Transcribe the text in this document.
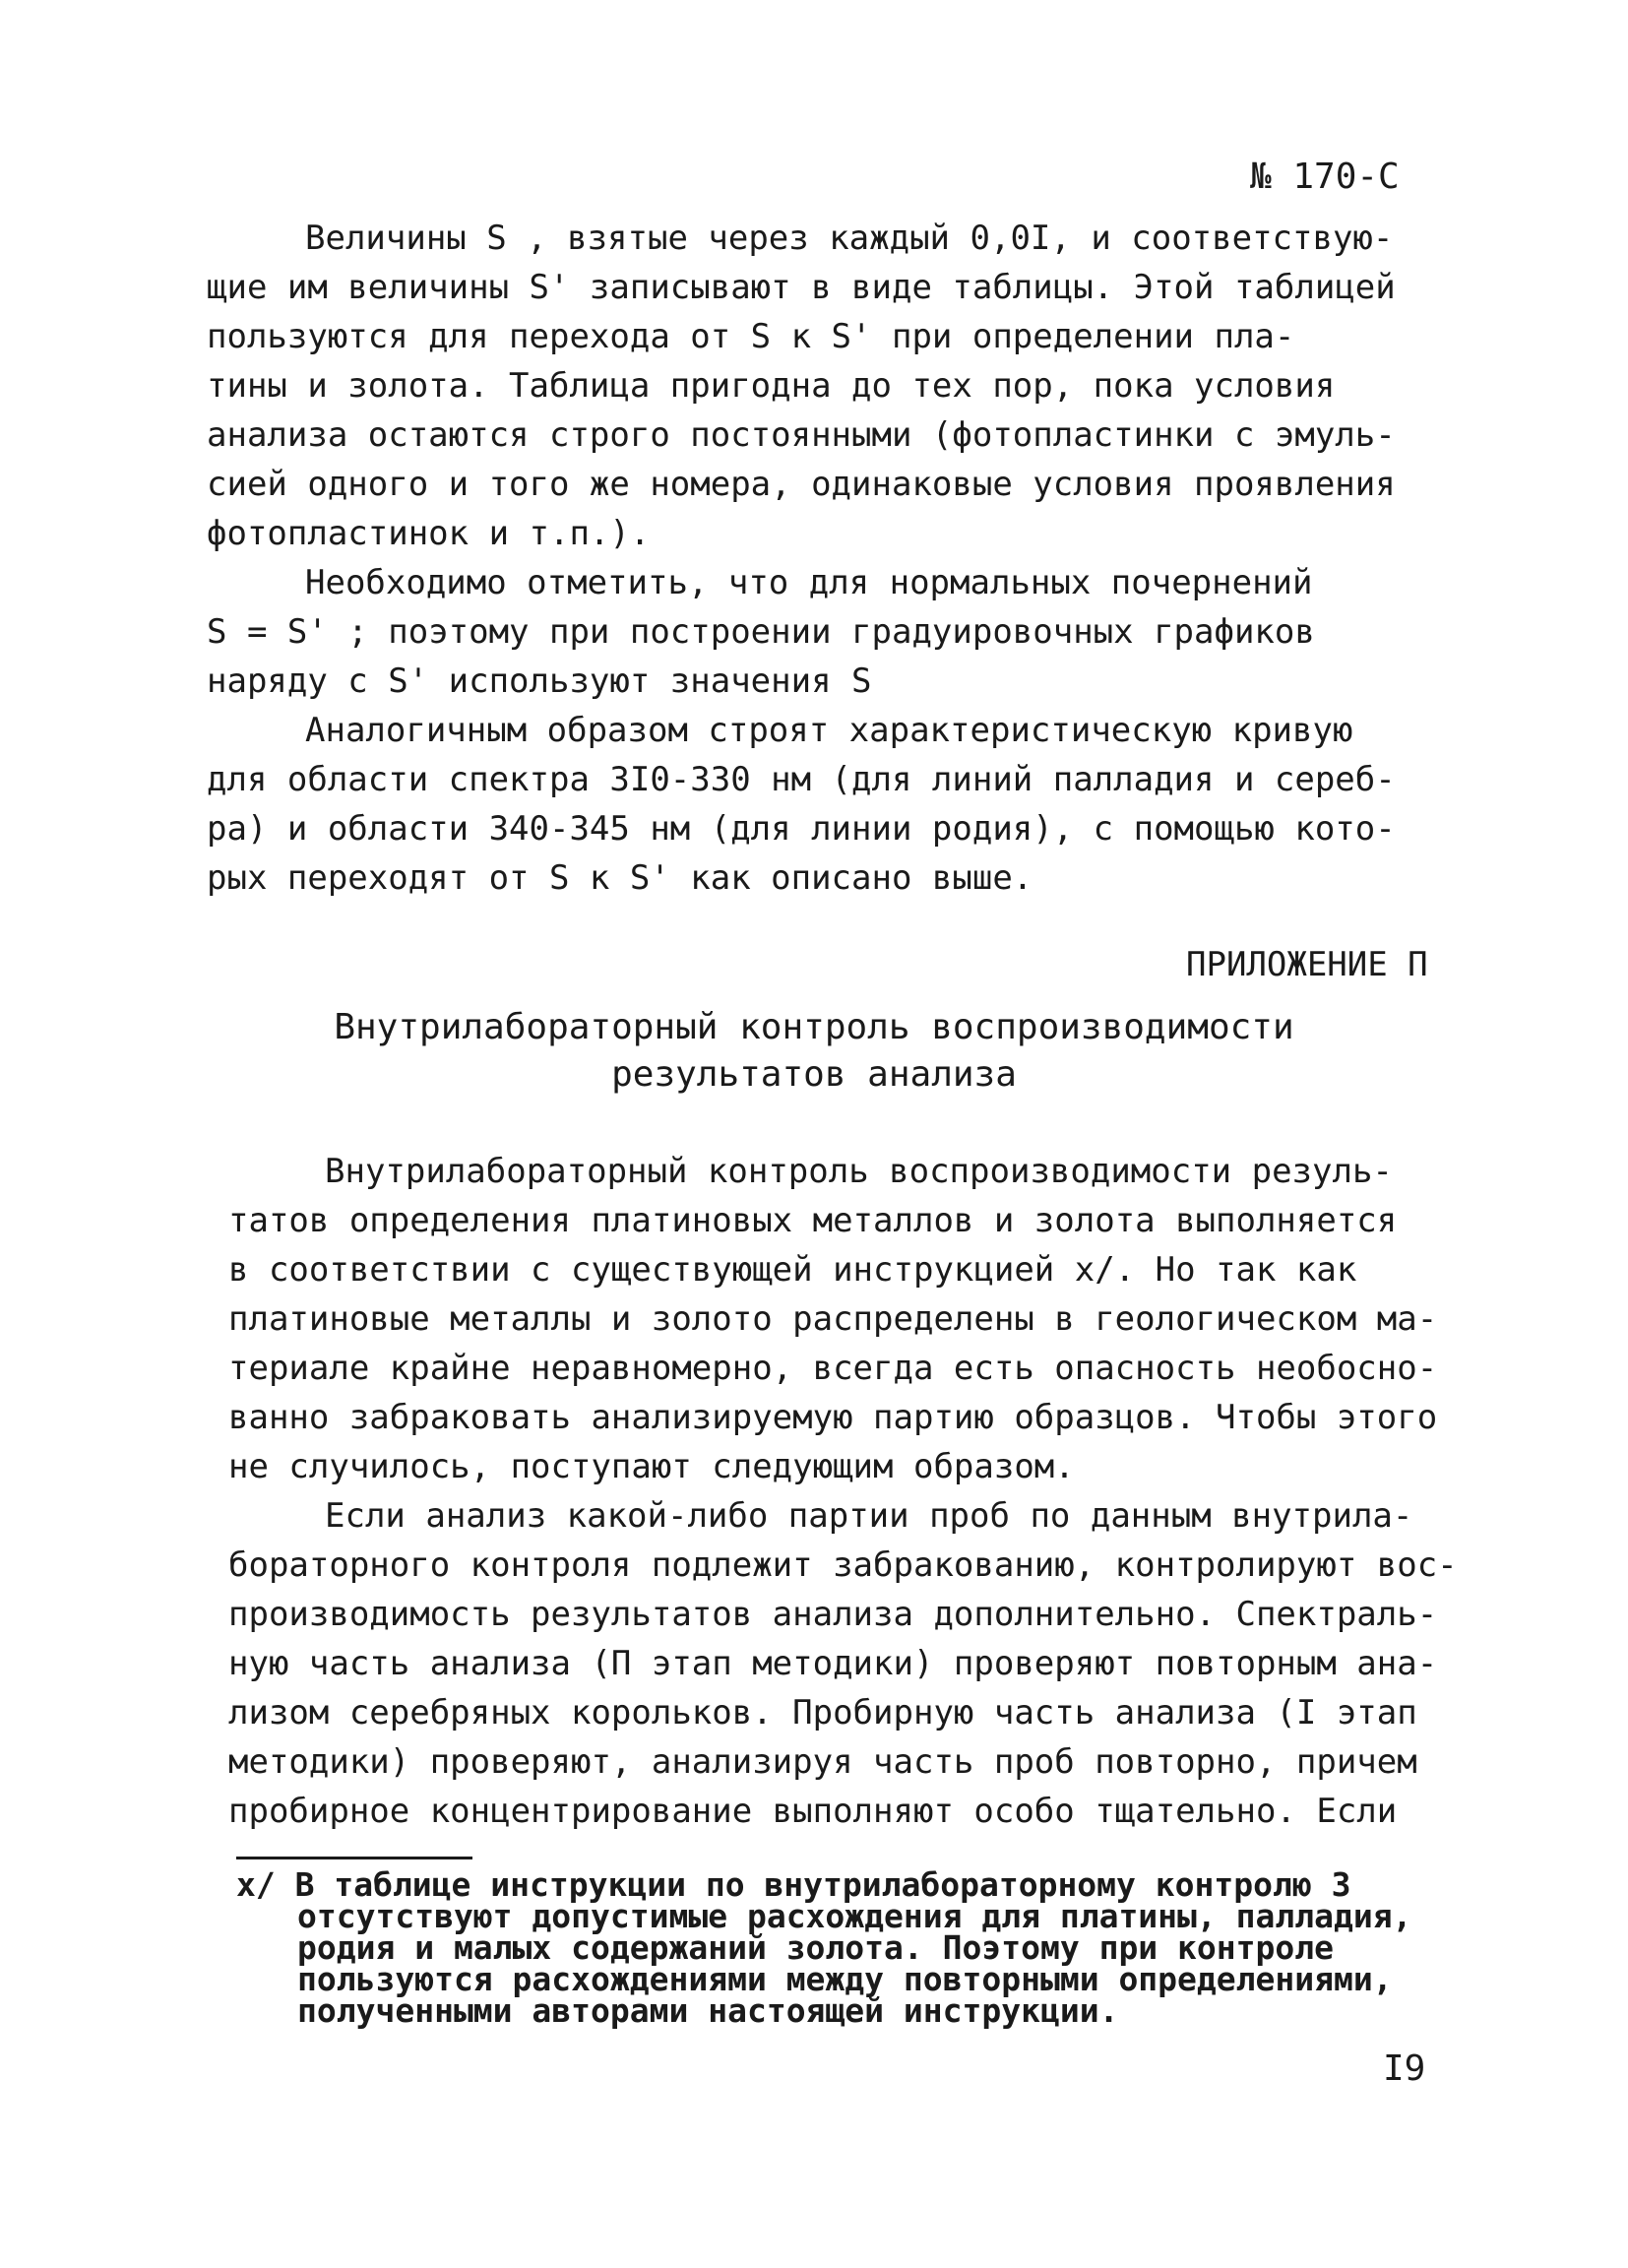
№ 170-С
Величины S , взятые через каждый 0,0I, и соответствую-
щие им величины S' записывают в виде таблицы. Этой таблицей
пользуются для перехода от S к S' при определении пла-
тины и золота. Таблица пригодна до тех пор, пока условия
анализа остаются строго постоянными (фотопластинки с эмуль-
сией одного и того же номера, одинаковые условия проявления
фотопластинок и т.п.).
Необходимо отметить, что для нормальных почернений
S = S' ; поэтому при построении градуировочных графиков
наряду с S' используют значения S
Аналогичным образом строят характеристическую кривую
для области спектра 3I0-330 нм (для линий палладия и сереб-
ра) и области 340-345 нм (для линии родия), с помощью кото-
рых переходят от S к S' как описано выше.
ПРИЛОЖЕНИЕ П
Внутрилабораторный контроль воспроизводимости
результатов анализа
Внутрилабораторный контроль воспроизводимости резуль-
татов определения платиновых металлов и золота выполняется
в соответствии с существующей инструкцией x/. Но так как
платиновые металлы и золото распределены в геологическом ма-
териале крайне неравномерно, всегда есть опасность необосно-
ванно забраковать анализируемую партию образцов. Чтобы этого
не случилось, поступают следующим образом.
Если анализ какой-либо партии проб по данным внутрила-
бораторного контроля подлежит забракованию, контролируют вос-
производимость результатов анализа дополнительно. Спектраль-
ную часть анализа (П этап методики) проверяют повторным ана-
лизом серебряных корольков. Пробирную часть анализа (I этап
методики) проверяют, анализируя часть проб повторно, причем
пробирное концентрирование выполняют особо тщательно. Если
x/ В таблице инструкции по внутрилабораторному контролю 3
отсутствуют допустимые расхождения для платины, палладия,
родия и малых содержаний золота. Поэтому при контроле
пользуются расхождениями между повторными определениями,
полученными авторами настоящей инструкции.
I9
